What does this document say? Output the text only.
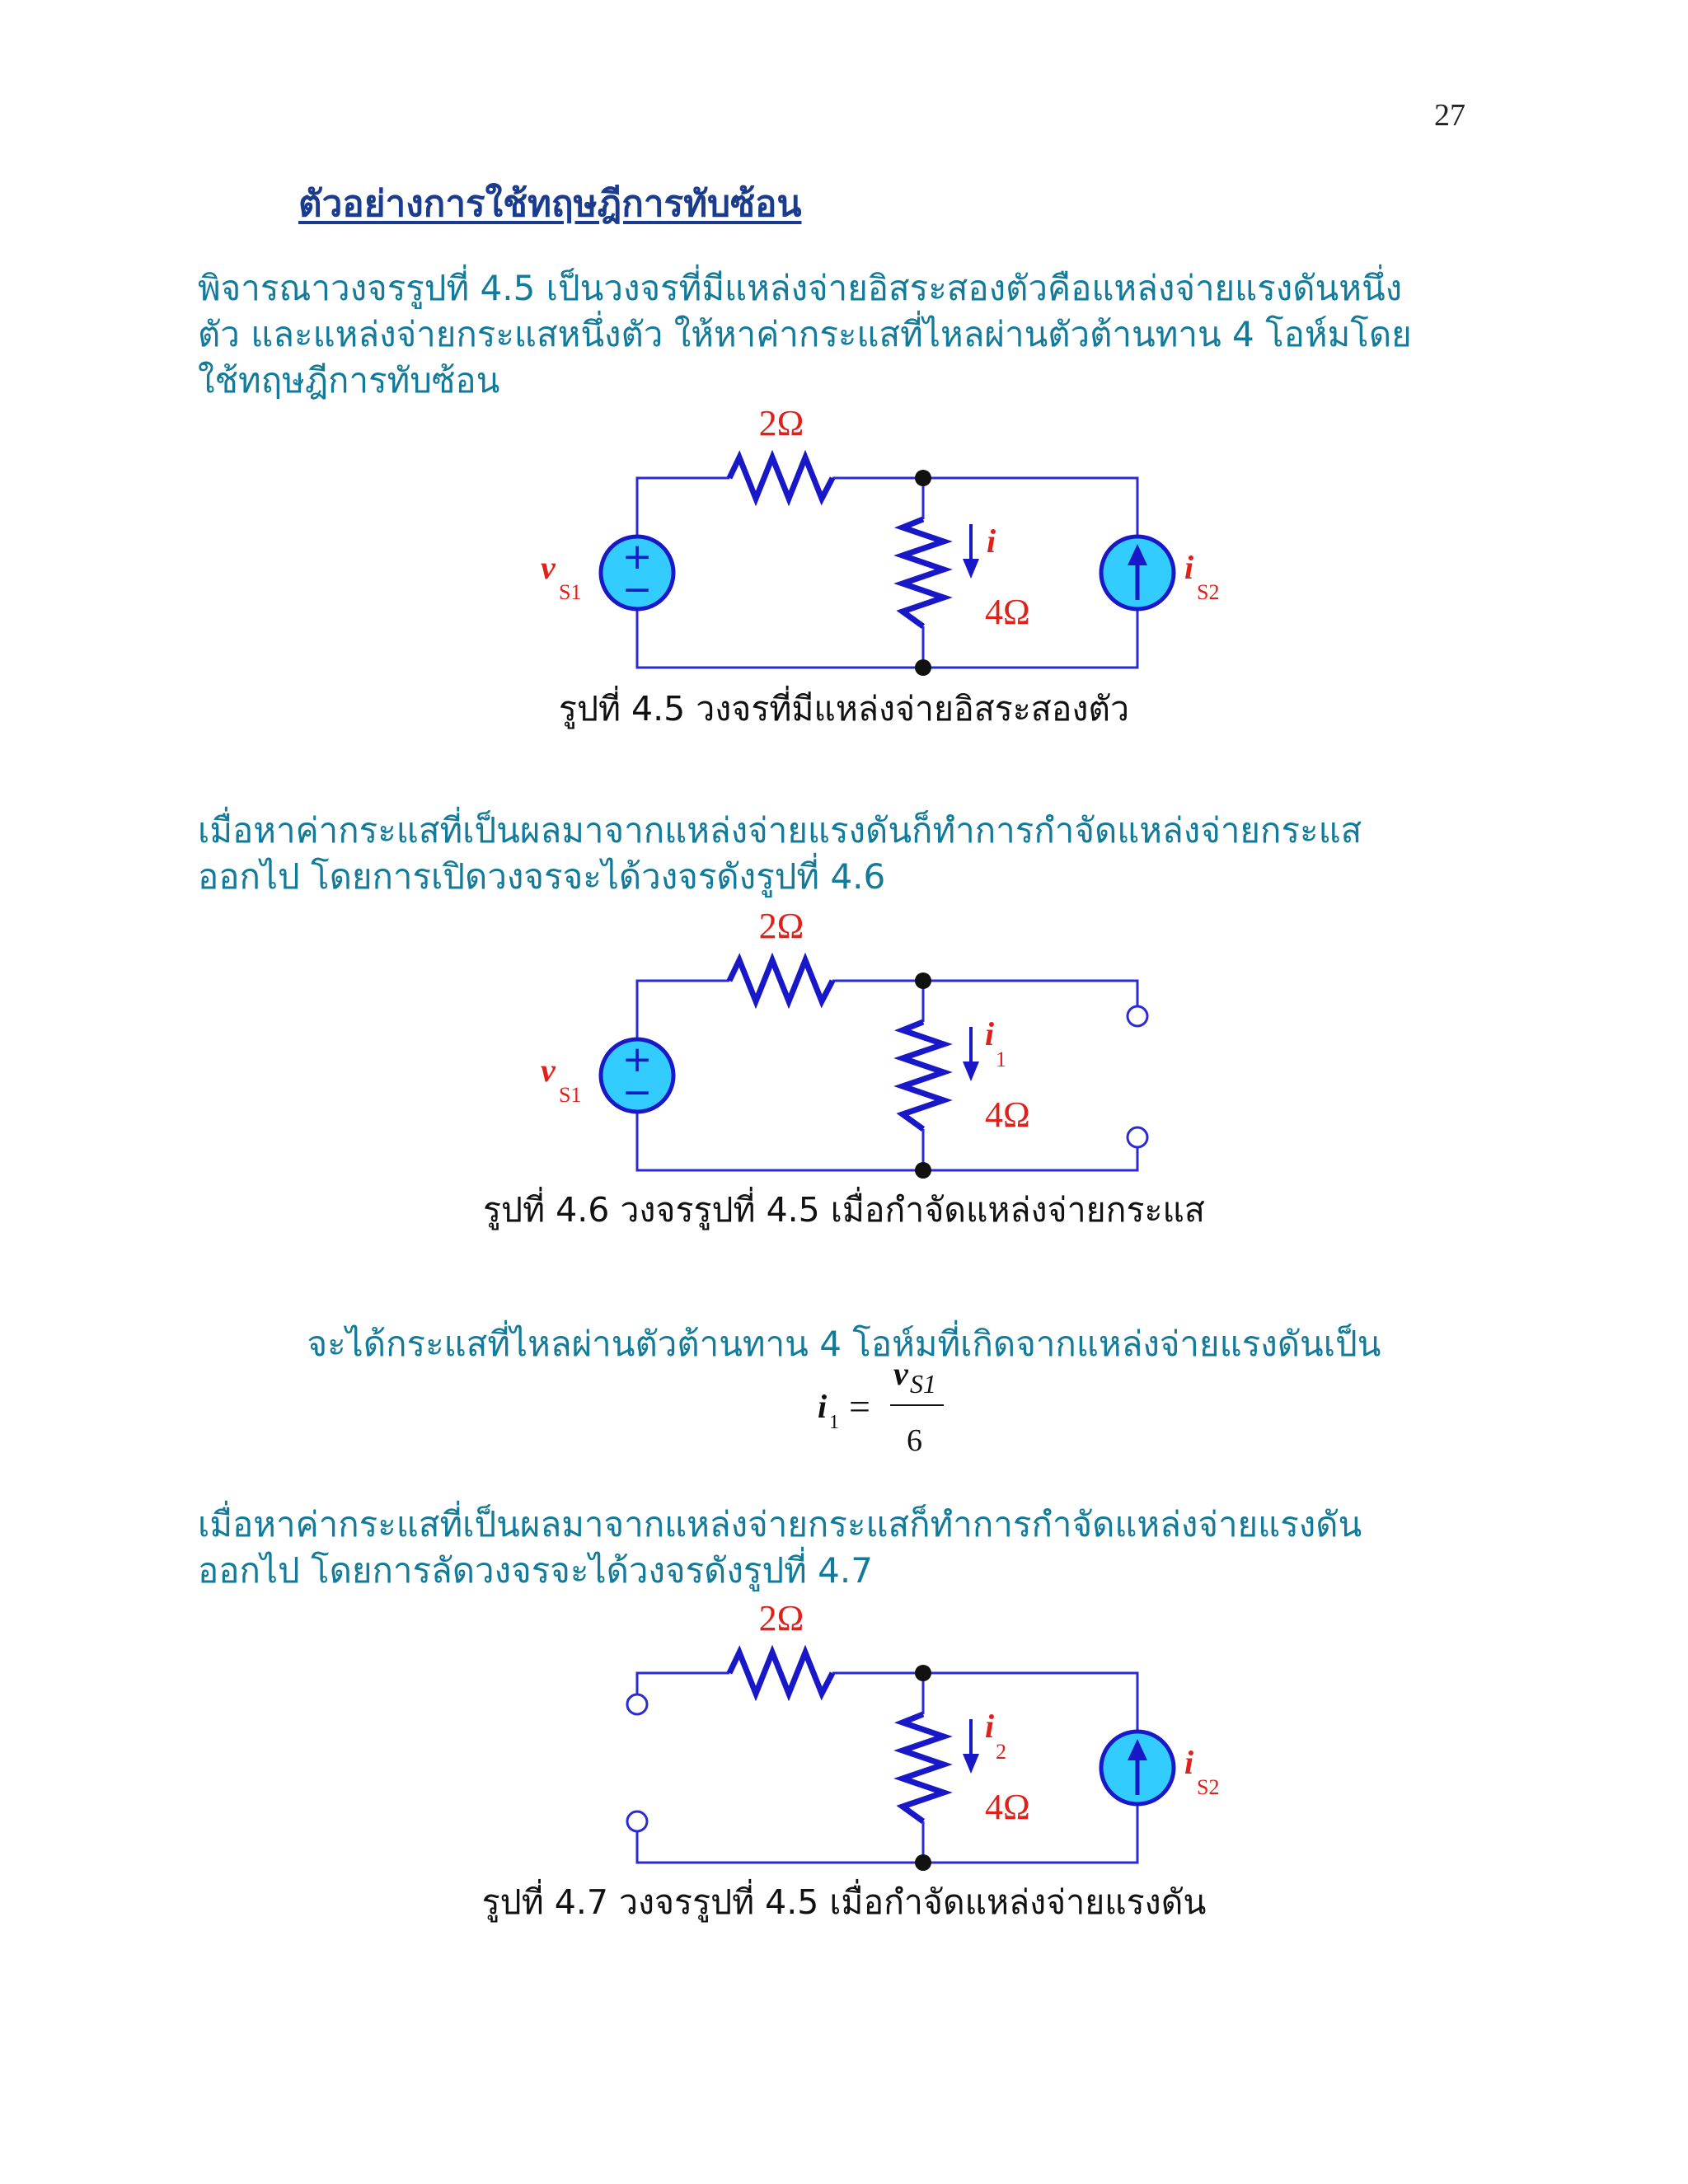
27
ตัวอย่างการใช้ทฤษฎีการทับซ้อน

พิจารณาวงจรรูปที่ 4.5 เป็นวงจรที่มีแหล่งจ่ายอิสระสองตัวคือแหล่งจ่ายแรงดันหนึ่ง
ตัว และแหล่งจ่ายกระแสหนึ่งตัว ให้หาค่ากระแสที่ไหลผ่านตัวต้านทาน 4 โอห์มโดย
ใช้ทฤษฎีการทับซ้อน

+
−
2Ω
4Ω
i
v
S1
i
S2
รูปที่ 4.5 วงจรที่มีแหล่งจ่ายอิสระสองตัว

เมื่อหาค่ากระแสที่เป็นผลมาจากแหล่งจ่ายแรงดันก็ทำการกำจัดแหล่งจ่ายกระแส
ออกไป โดยการเปิดวงจรจะได้วงจรดังรูปที่ 4.6

+
−
2Ω
4Ω
i
1
v
S1
รูปที่ 4.6 วงจรรูปที่ 4.5 เมื่อกำจัดแหล่งจ่ายกระแส
จะได้กระแสที่ไหลผ่านตัวต้านทาน 4 โอห์มที่เกิดจากแหล่งจ่ายแรงดันเป็น
i 1 =
v S1
6

เมื่อหาค่ากระแสที่เป็นผลมาจากแหล่งจ่ายกระแสก็ทำการกำจัดแหล่งจ่ายแรงดัน
ออกไป โดยการลัดวงจรจะได้วงจรดังรูปที่ 4.7

2Ω
4Ω
i
2	i
S2
รูปที่ 4.7 วงจรรูปที่ 4.5 เมื่อกำจัดแหล่งจ่ายแรงดัน
